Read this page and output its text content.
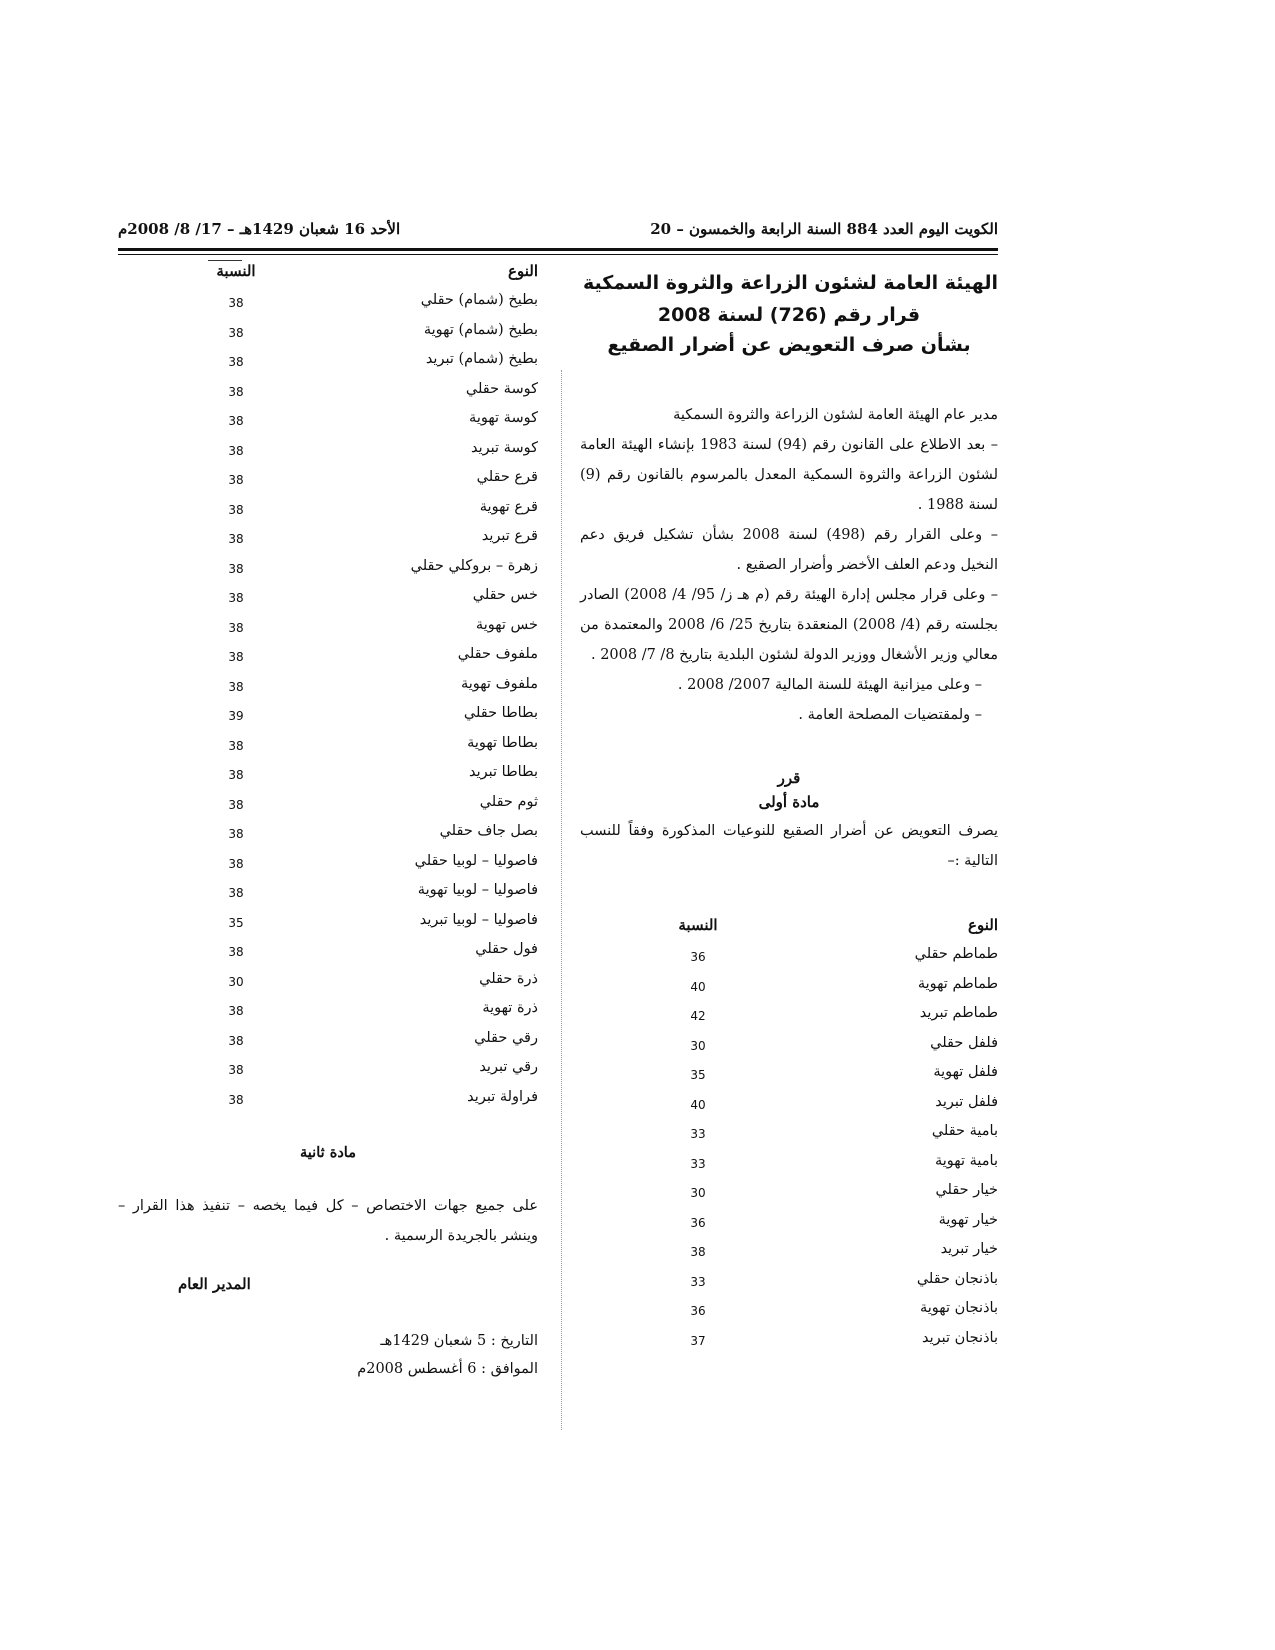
الكويت اليوم العدد 884 السنة الرابعة والخمسون – 20
الأحد 16 شعبان 1429هـ – 17/ 8/ 2008م
الهيئة العامة لشئون الزراعة والثروة السمكية
قرار رقم (726) لسنة 2008
بشأن صرف التعويض عن أضرار الصقيع

مدير عام الهيئة العامة لشئون الزراعة والثروة السمكية

– بعد الاطلاع على القانون رقم (94) لسنة 1983 بإنشاء الهيئة العامة لشئون الزراعة والثروة السمكية المعدل بالمرسوم بالقانون رقم (9) لسنة 1988 .

– وعلى القرار رقم (498) لسنة 2008 بشأن تشكيل فريق دعم النخيل ودعم العلف الأخضر وأضرار الصقيع .

– وعلى قرار مجلس إدارة الهيئة رقم (م هـ ز/ 95/ 4/ 2008) الصادر بجلسته رقم (4/ 2008) المنعقدة بتاريخ 25/ 6/ 2008 والمعتمدة من معالي وزير الأشغال ووزير الدولة لشئون البلدية بتاريخ 8/ 7/ 2008 .

– وعلى ميزانية الهيئة للسنة المالية 2007/ 2008 .

– ولمقتضيات المصلحة العامة .

قرر

مادة أولى

يصرف التعويض عن أضرار الصقيع للنوعيات المذكورة وفقاً للنسب التالية :–

النوع
النسبة
طماطم حقلي
36
طماطم تهوية
40
طماطم تبريد
42
فلفل حقلي
30
فلفل تهوية
35
فلفل تبريد
40
بامية حقلي
33
بامية تهوية
33
خيار حقلي
30
خيار تهوية
36
خيار تبريد
38
باذنجان حقلي
33
باذنجان تهوية
36
باذنجان تبريد
37
النوع
النسبة
بطيخ (شمام) حقلي
38
بطيخ (شمام) تهوية
38
بطيخ (شمام) تبريد
38
كوسة حقلي
38
كوسة تهوية
38
كوسة تبريد
38
قرع حقلي
38
قرع تهوية
38
قرع تبريد
38
زهرة – بروكلي حقلي
38
خس حقلي
38
خس تهوية
38
ملفوف حقلي
38
ملفوف تهوية
38
بطاطا حقلي
39
بطاطا تهوية
38
بطاطا تبريد
38
ثوم حقلي
38
بصل جاف حقلي
38
فاصوليا – لوبيا حقلي
38
فاصوليا – لوبيا تهوية
38
فاصوليا – لوبيا تبريد
35
فول حقلي
38
ذرة حقلي
30
ذرة تهوية
38
رقي حقلي
38
رقي تبريد
38
فراولة تبريد
38

مادة ثانية

على جميع جهات الاختصاص – كل فيما يخصه – تنفيذ هذا القرار – وينشر بالجريدة الرسمية .

المدير العام

التاريخ : 5 شعبان 1429هـ

الموافق : 6 أغسطس 2008م
